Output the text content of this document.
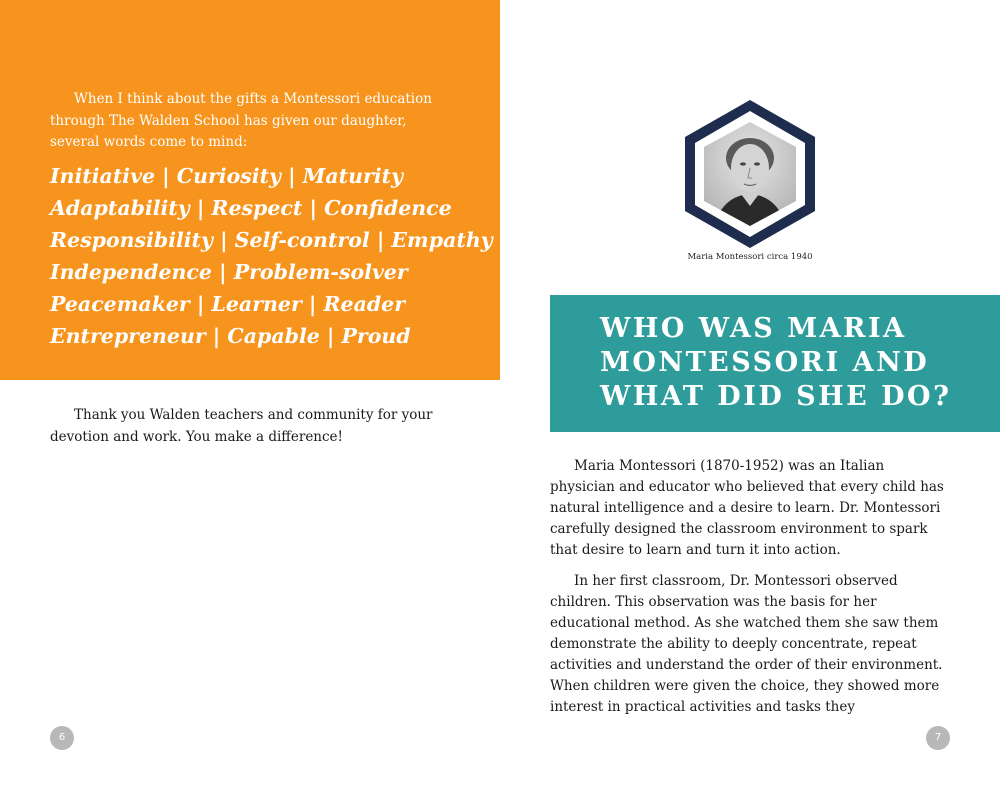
When I think about the gifts a Montessori education through The Walden School has given our daughter, several words come to mind:

Initiative | Curiosity | Maturity
Adaptability | Respect | Confidence
Responsibility | Self-control | Empathy
Independence | Problem-solver
Peacemaker | Learner | Reader
Entrepreneur | Capable | Proud

Thank you Walden teachers and community for your devotion and work. You make a difference!

6

Maria Montessori circa 1940

WHO WAS MARIA MONTESSORI AND WHAT DID SHE DO?

Maria Montessori (1870-1952) was an Italian physician and educator who believed that every child has natural intelligence and a desire to learn. Dr. Montessori carefully designed the classroom environment to spark that desire to learn and turn it into action.

In her first classroom, Dr. Montessori observed children. This observation was the basis for her educational method. As she watched them she saw them demonstrate the ability to deeply concentrate, repeat activities and understand the order of their environment. When children were given the choice, they showed more interest in practical activities and tasks they

7
